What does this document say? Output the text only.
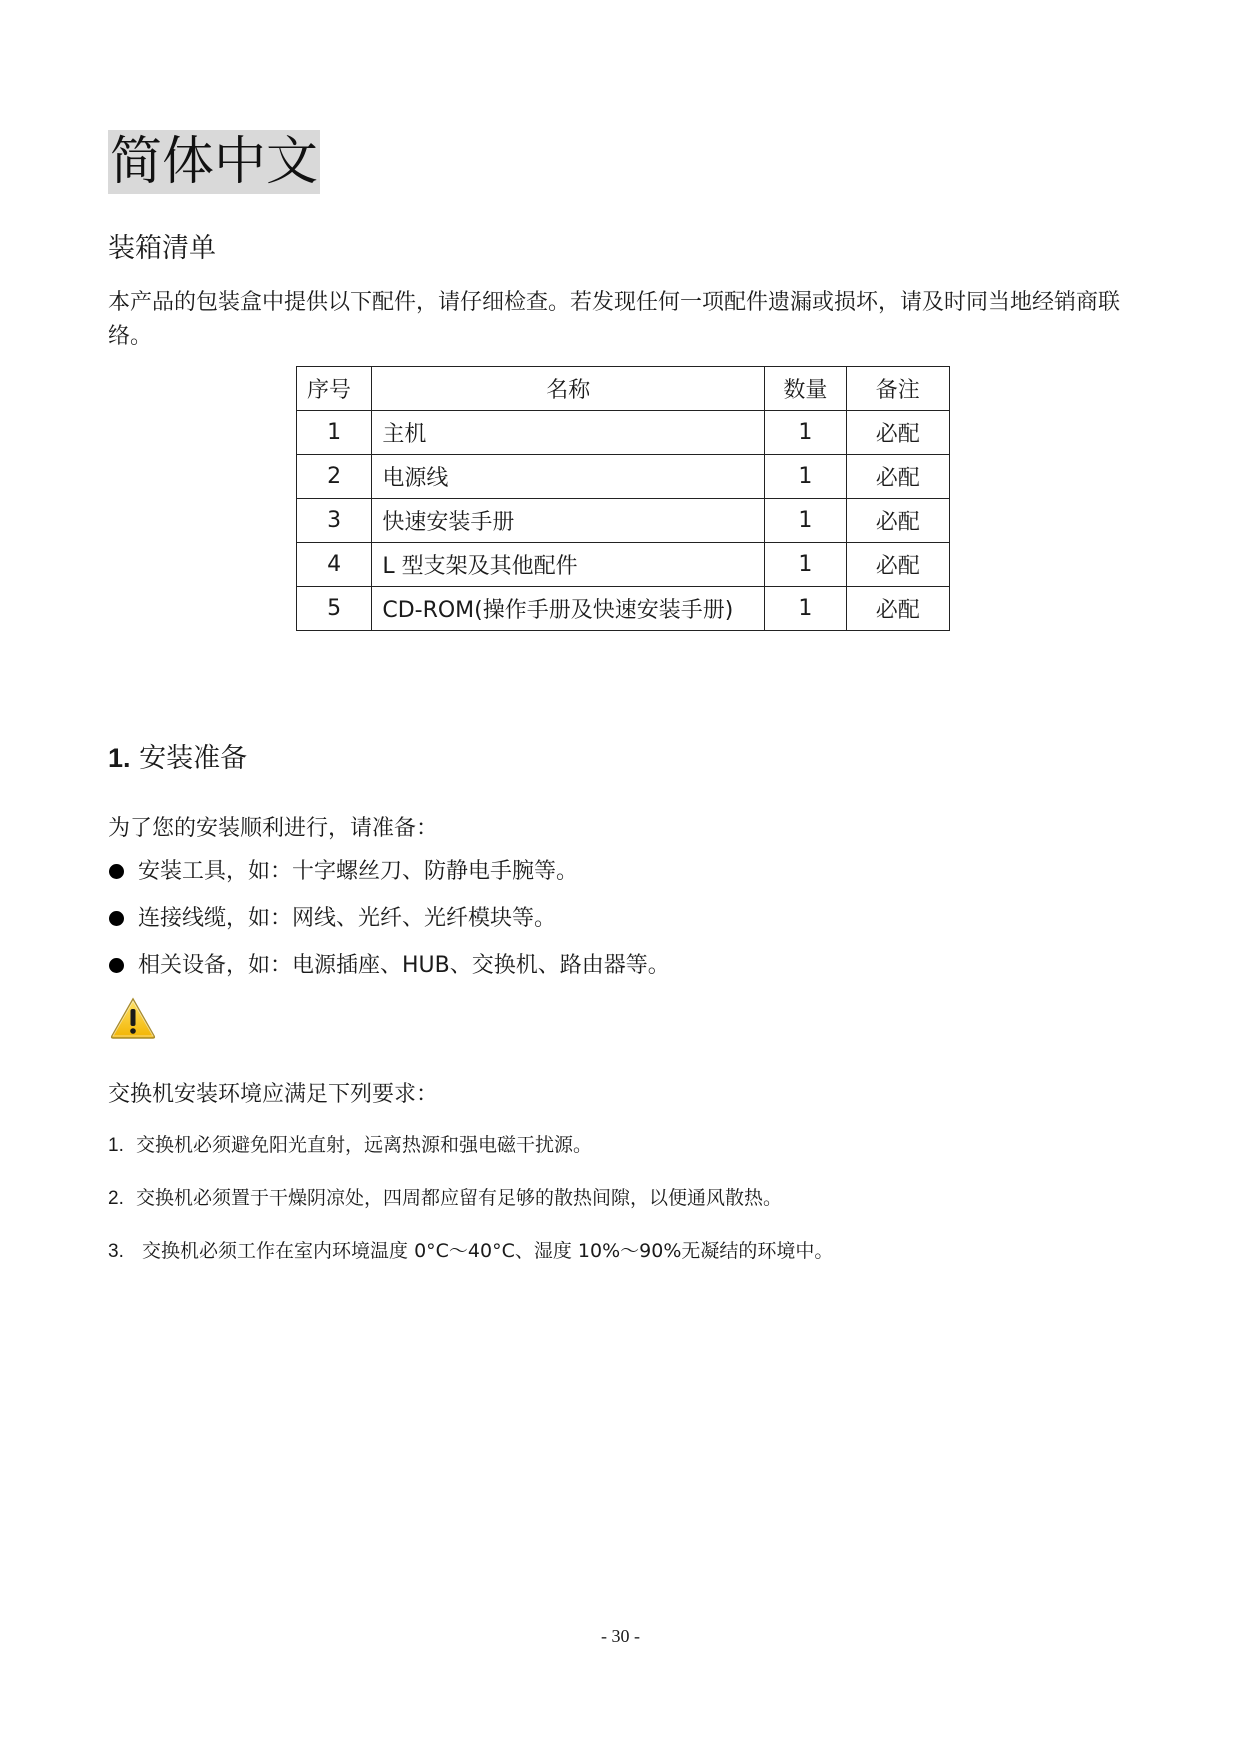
简体中文
装箱清单
本产品的包装盒中提供以下配件，请仔细检查。若发现任何一项配件遗漏或损坏，请及时同当地经销商联络。
序号	名称	数量	备注
1	主机	1	必配
2	电源线	1	必配
3	快速安装手册	1	必配
4	L 型支架及其他配件	1	必配
5	CD-ROM(操作手册及快速安装手册)	1	必配
1. 安装准备
为了您的安装顺利进行，请准备：
安装工具，如：十字螺丝刀、防静电手腕等。
连接线缆，如：网线、光纤、光纤模块等。
相关设备，如：电源插座、HUB、交换机、路由器等。
交换机安装环境应满足下列要求：
1. 交换机必须避免阳光直射，远离热源和强电磁干扰源。
2. 交换机必须置于干燥阴凉处，四周都应留有足够的散热间隙，以便通风散热。
3. 交换机必须工作在室内环境温度 0°C～40°C、湿度 10%～90%无凝结的环境中。
- 30 -
